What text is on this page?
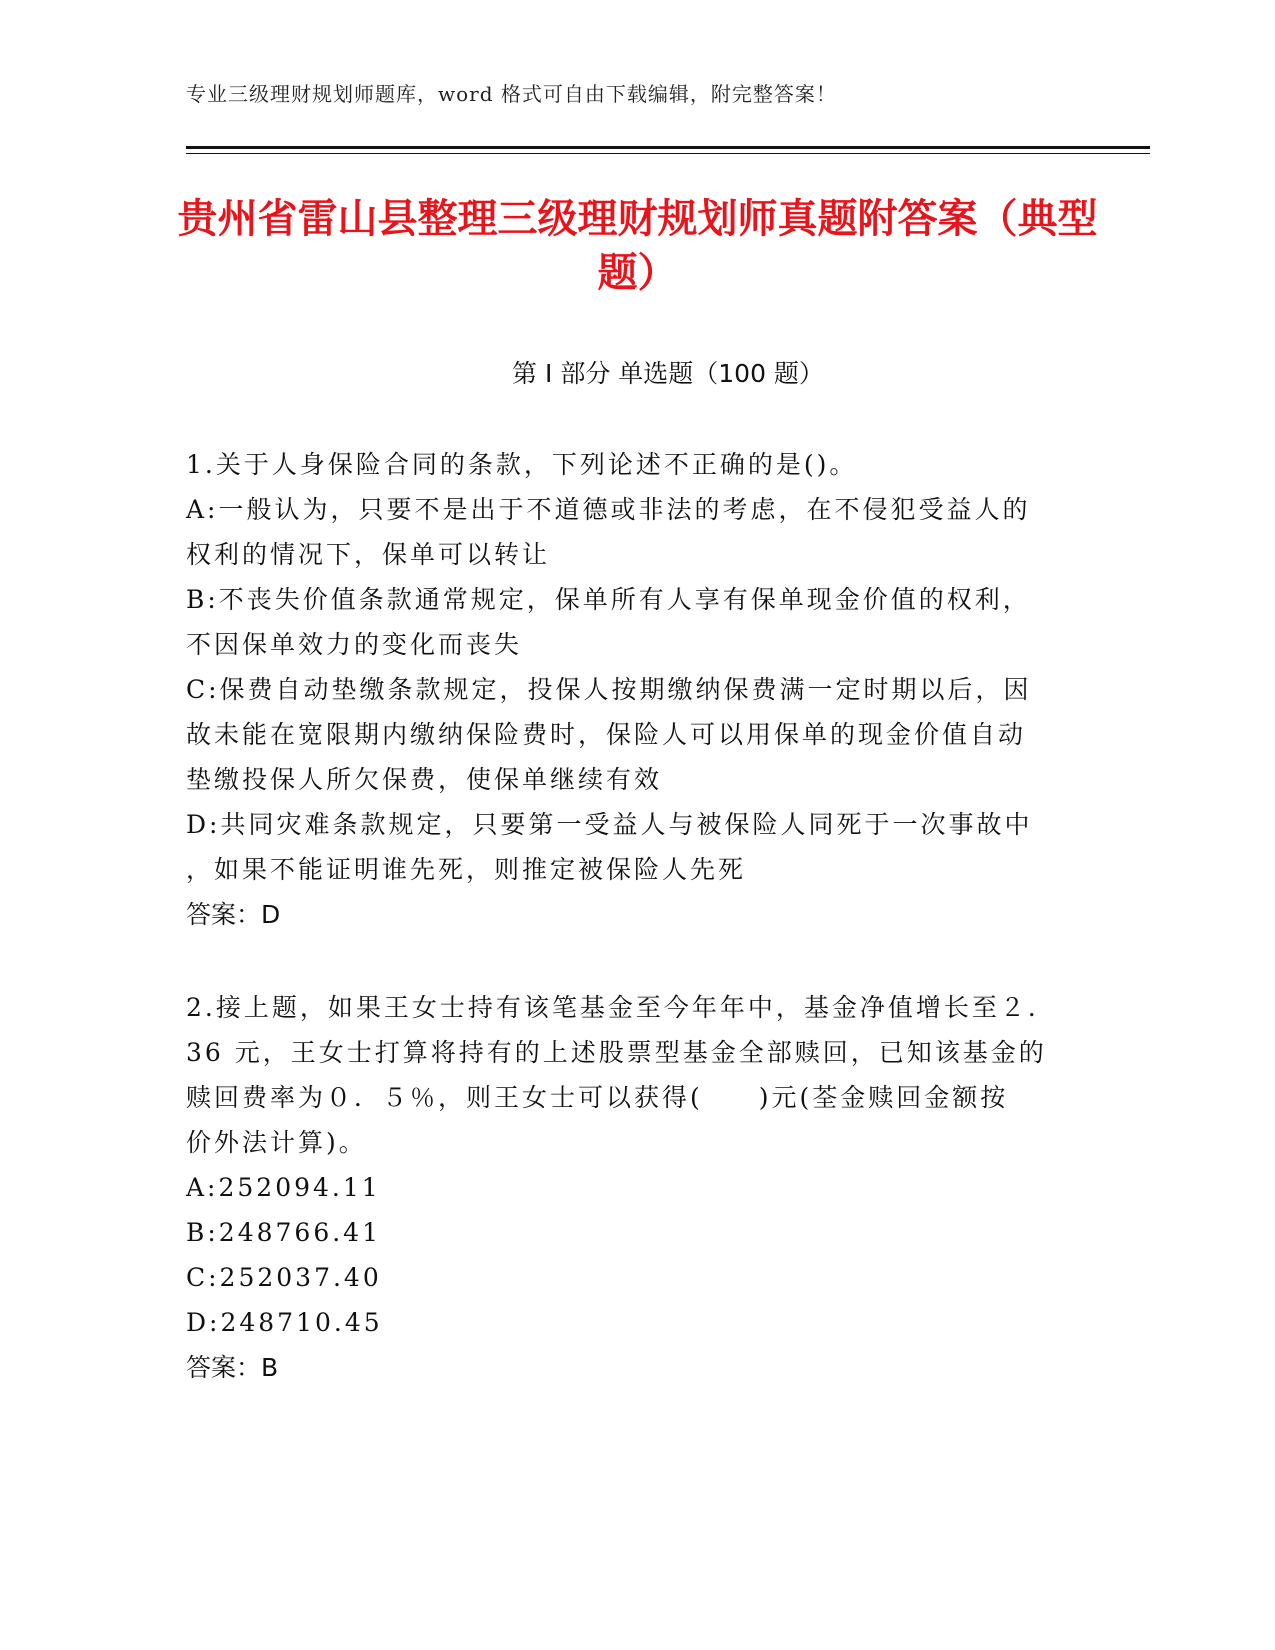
专业三级理财规划师题库，word 格式可自由下载编辑，附完整答案！
贵州省雷山县整理三级理财规划师真题附答案（典型题）
第 I 部分 单选题（100 题）
1.关于人身保险合同的条款，下列论述不正确的是()。
A:一般认为，只要不是出于不道德或非法的考虑，在不侵犯受益人的
权利的情况下，保单可以转让
B:不丧失价值条款通常规定，保单所有人享有保单现金价值的权利，
不因保单效力的变化而丧失
C:保费自动垫缴条款规定，投保人按期缴纳保费满一定时期以后，因
故未能在宽限期内缴纳保险费时，保险人可以用保单的现金价值自动
垫缴投保人所欠保费，使保单继续有效
D:共同灾难条款规定，只要第一受益人与被保险人同死于一次事故中
，如果不能证明谁先死，则推定被保险人先死
答案：D
2.接上题，如果王女士持有该笔基金至今年年中，基金净值增长至２．
36 元，王女士打算将持有的上述股票型基金全部赎回，已知该基金的
赎回费率为０．５％，则王女士可以获得(　　)元(荃金赎回金额按
价外法计算)。
A:252094.11
B:248766.41
C:252037.40
D:248710.45
答案：B
